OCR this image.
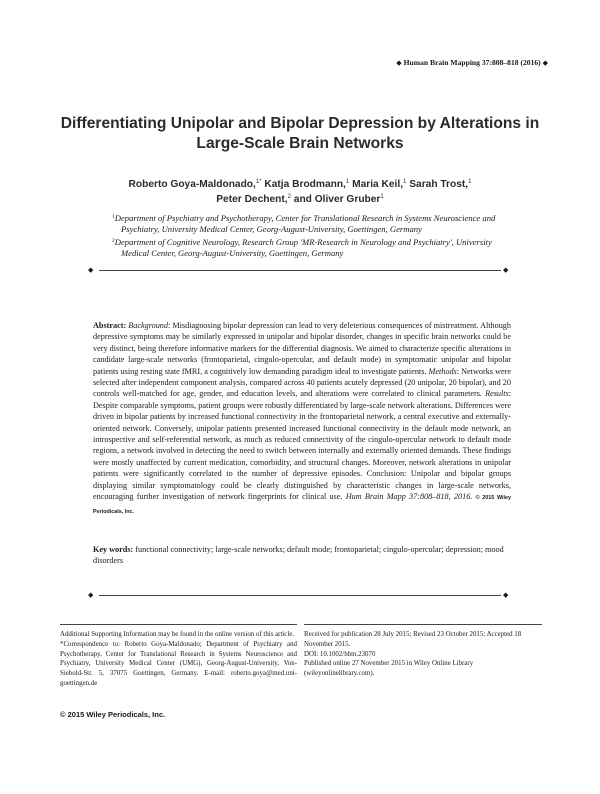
◆ Human Brain Mapping 37:808–818 (2016) ◆
Differentiating Unipolar and Bipolar Depression by Alterations in Large-Scale Brain Networks
Roberto Goya-Maldonado,$^{1*}$ Katja Brodmann,$^1$ Maria Keil,$^1$ Sarah Trost,$^1$
Peter Dechent,$^2$ and Oliver Gruber$^1$
$^1$Department of Psychiatry and Psychotherapy, Center for Translational Research in Systems Neuroscience and Psychiatry, University Medical Center, Georg-August-University, Goettingen, Germany
$^2$Department of Cognitive Neurology, Research Group 'MR-Research in Neurology and Psychiatry', University Medical Center, Georg-August-University, Goettingen, Germany
◆	◆
Abstract: Background: Misdiagnosing bipolar depression can lead to very deleterious consequences of mistreatment. Although depressive symptoms may be similarly expressed in unipolar and bipolar disorder, changes in specific brain networks could be very distinct, being therefore informative markers for the differential diagnosis. We aimed to characterize specific alterations in candidate large-scale networks (frontoparietal, cingulo-opercular, and default mode) in symptomatic unipolar and bipolar patients using resting state fMRI, a cognitively low demanding paradigm ideal to investigate patients. Methods: Networks were selected after independent component analysis, compared across 40 patients acutely depressed (20 unipolar, 20 bipolar), and 20 controls well-matched for age, gender, and education levels, and alterations were correlated to clinical parameters. Results: Despite comparable symptoms, patient groups were robustly differentiated by large-scale network alterations. Differences were driven in bipolar patients by increased functional connectivity in the frontoparietal network, a central executive and externally-oriented network. Conversely, unipolar patients presented increased functional connectivity in the default mode network, an introspective and self-referential network, as much as reduced connectivity of the cingulo-opercular network to default mode regions, a network involved in detecting the need to switch between internally and externally oriented demands. These findings were mostly unaffected by current medication, comorbidity, and structural changes. Moreover, network alterations in unipolar patients were significantly correlated to the number of depressive episodes. Conclusion: Unipolar and bipolar groups displaying similar symptomatology could be clearly distinguished by characteristic changes in large-scale networks, encouraging further investigation of network fingerprints for clinical use. Hum Brain Mapp 37:808–818, 2016. © 2015 Wiley Periodicals, Inc.
Key words: functional connectivity; large-scale networks; default mode; frontoparietal; cingulo-opercular; depression; mood disorders
◆	◆
Additional Supporting Information may be found in the online version of this article.
*Correspondence to: Roberto Goya-Maldonado; Department of Psychiatry and Psychotherapy, Center for Translational Research in Systems Neuroscience and Psychiatry, University Medical Center (UMG), Georg-August-University, Von-Siebold-Str. 5, 37075 Goettingen, Germany. E-mail: roberto.goya@med.uni-goettingen.de
Received for publication 28 July 2015; Revised 23 October 2015; Accepted 18 November 2015.
DOI: 10.1002/hbm.23070
Published online 27 November 2015 in Wiley Online Library (wileyonlinelibrary.com).
© 2015 Wiley Periodicals, Inc.
